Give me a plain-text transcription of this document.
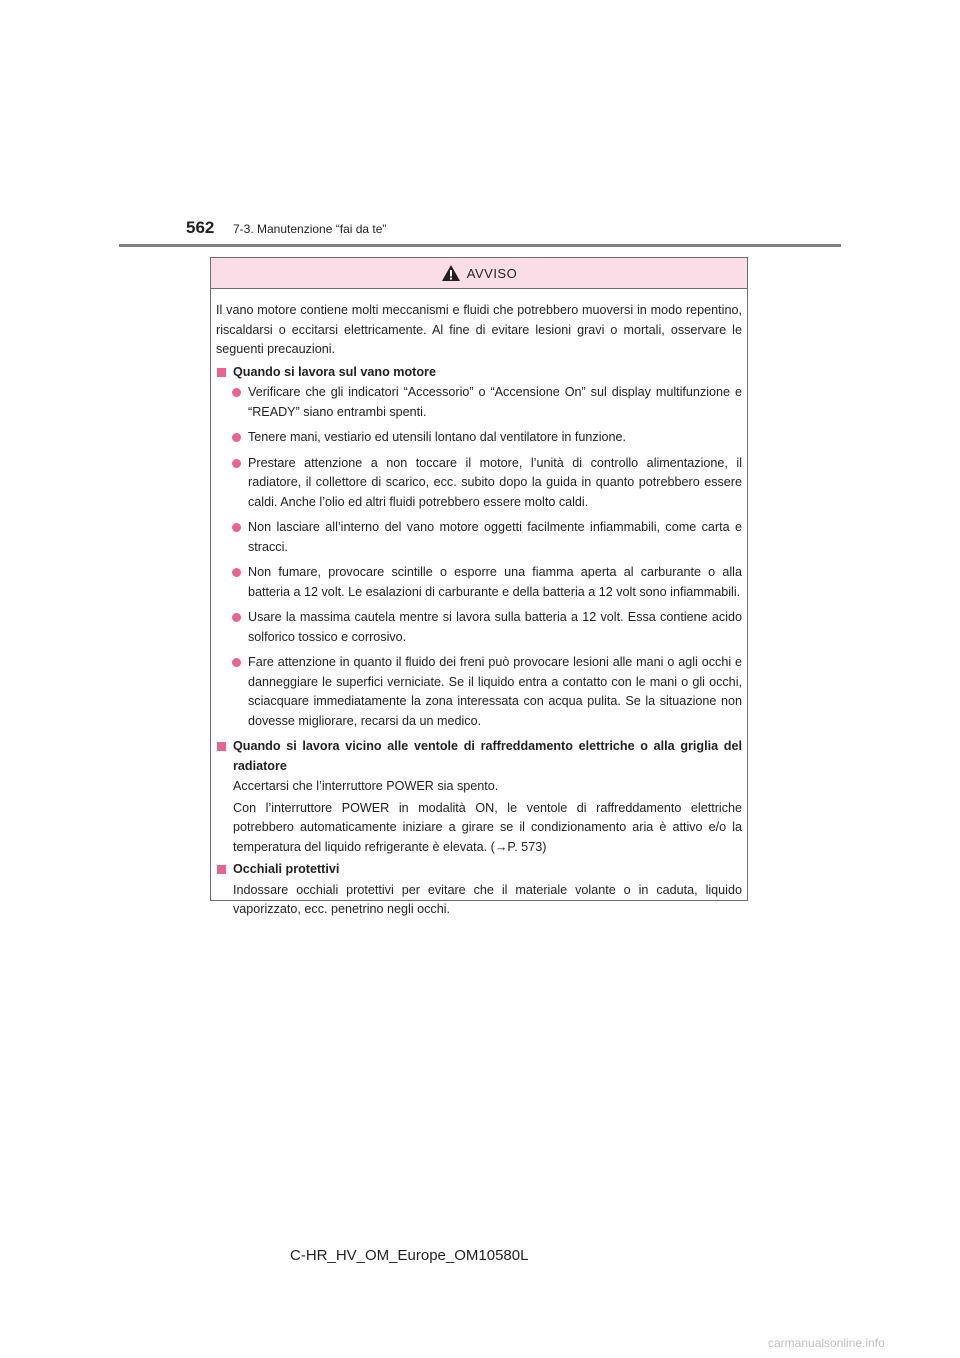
562 7-3. Manutenzione “fai da te”
AVVISO

Il vano motore contiene molti meccanismi e fluidi che potrebbero muoversi in modo repentino, riscaldarsi o eccitarsi elettricamente. Al fine di evitare lesioni gravi o mortali, osservare le seguenti precauzioni.

Quando si lavora sul vano motore
Verificare che gli indicatori “Accessorio” o “Accensione On” sul display multifunzione e “READY” siano entrambi spenti.
Tenere mani, vestiario ed utensili lontano dal ventilatore in funzione.
Prestare attenzione a non toccare il motore, l’unità di controllo alimentazione, il radiatore, il collettore di scarico, ecc. subito dopo la guida in quanto potrebbero essere caldi. Anche l’olio ed altri fluidi potrebbero essere molto caldi.
Non lasciare all’interno del vano motore oggetti facilmente infiammabili, come carta e stracci.
Non fumare, provocare scintille o esporre una fiamma aperta al carburante o alla batteria a 12 volt. Le esalazioni di carburante e della batteria a 12 volt sono infiammabili.
Usare la massima cautela mentre si lavora sulla batteria a 12 volt. Essa contiene acido solforico tossico e corrosivo.
Fare attenzione in quanto il fluido dei freni può provocare lesioni alle mani o agli occhi e danneggiare le superfici verniciate. Se il liquido entra a contatto con le mani o gli occhi, sciacquare immediatamente la zona interessata con acqua pulita. Se la situazione non dovesse migliorare, recarsi da un medico.
Quando si lavora vicino alle ventole di raffreddamento elettriche o alla griglia del radiatore

Accertarsi che l’interruttore POWER sia spento.

Con l’interruttore POWER in modalità ON, le ventole di raffreddamento elettriche potrebbero automaticamente iniziare a girare se il condizionamento aria è attivo e/o la temperatura del liquido refrigerante è elevata. (→P. 573)

Occhiali protettivi

Indossare occhiali protettivi per evitare che il materiale volante o in caduta, liquido vaporizzato, ecc. penetrino negli occhi.

C-HR_HV_OM_Europe_OM10580L
carmanualsonline.info
